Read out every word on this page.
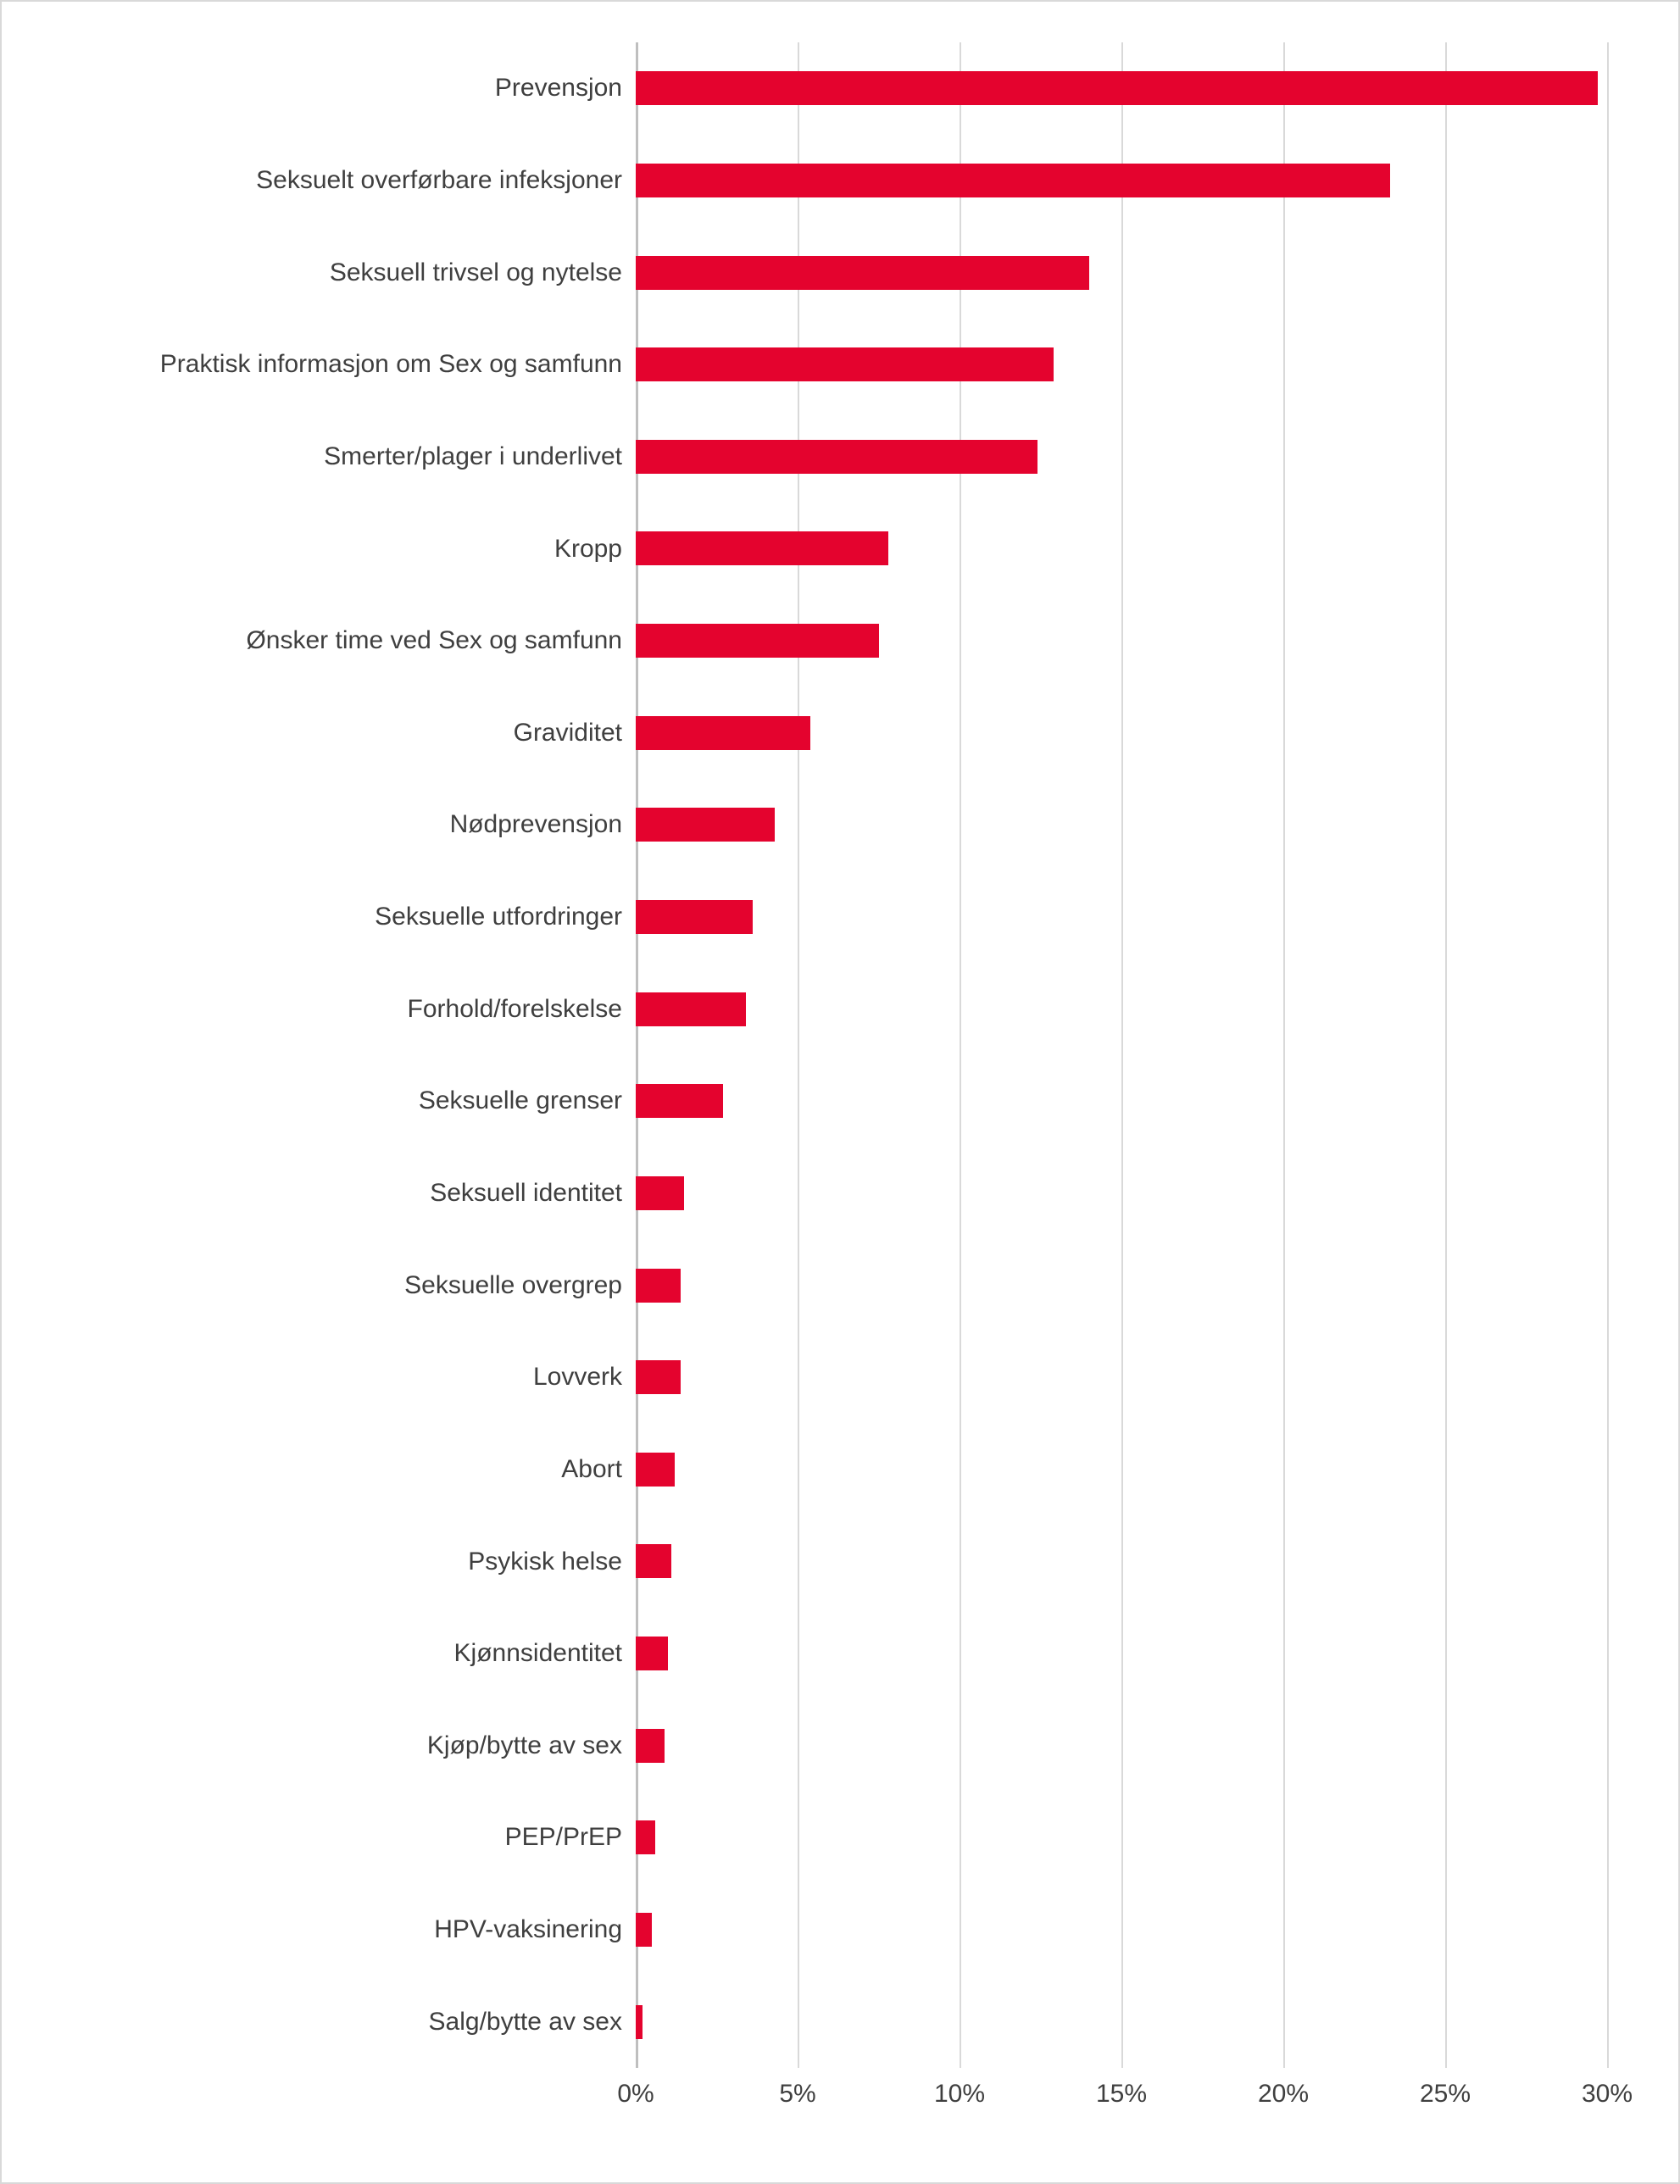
Prevensjon
Seksuelt overførbare infeksjoner
Seksuell trivsel og nytelse
Praktisk informasjon om Sex og samfunn
Smerter/plager i underlivet
Kropp
Ønsker time ved Sex og samfunn
Graviditet
Nødprevensjon
Seksuelle utfordringer
Forhold/forelskelse
Seksuelle grenser
Seksuell identitet
Seksuelle overgrep
Lovverk
Abort
Psykisk helse
Kjønnsidentitet
Kjøp/bytte av sex
PEP/PrEP
HPV-vaksinering
Salg/bytte av sex
0%	5%	10%	15%	20%	25%	30%
